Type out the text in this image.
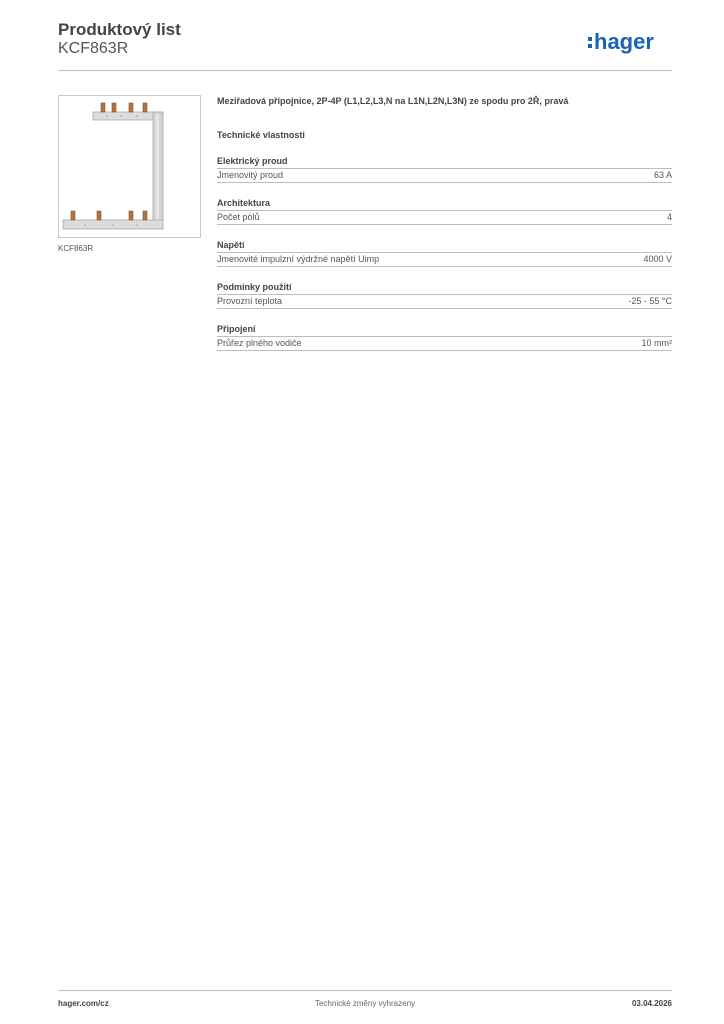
Produktový list
KCF863R	hager
KCF863R
Meziřadová přípojnice, 2P-4P (L1,L2,L3,N na L1N,L2N,L3N) ze spodu pro 2Ř, pravá
Technické vlastnosti
Elektrický proud
Jmenovitý proud	63 A
Architektura
Počet pólů	4
Napětí
Jmenovité impulzní výdržné napětí Uimp	4000 V
Podmínky použití
Provozní teplota	-25 - 55 °C
Připojení
Průřez plného vodiče	10 mm²
hager.com/cz	Technické změny vyhrazeny	03.04.2026
